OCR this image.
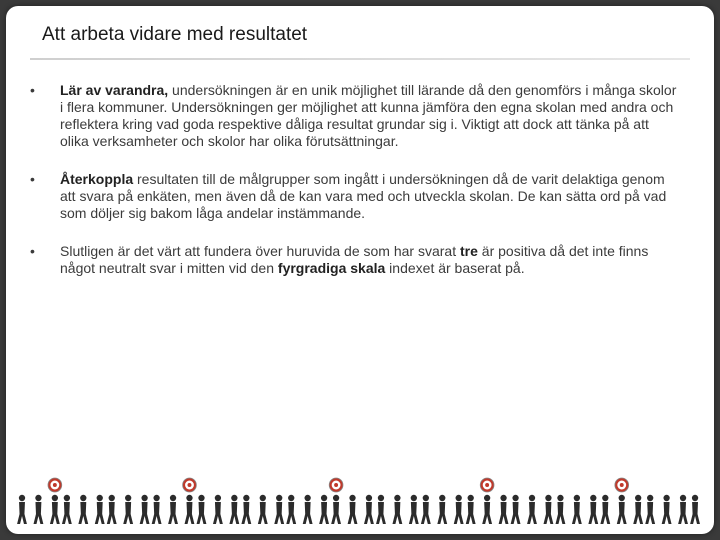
Att arbeta vidare med resultatet
• Lär av varandra, undersökningen är en unik möjlighet till lärande då den genomförs i många skolor i flera kommuner. Undersökningen ger möjlighet att kunna jämföra den egna skolan med andra och reflektera kring vad goda respektive dåliga resultat grundar sig i. Viktigt att dock att tänka på att olika verksamheter och skolor har olika förutsättningar.
• Återkoppla resultaten till de målgrupper som ingått i undersökningen då de varit delaktiga genom att svara på enkäten, men även då de kan vara med och utveckla skolan. De kan sätta ord på vad som döljer sig bakom låga andelar instämmande.
• Slutligen är det värt att fundera över huruvida de som har svarat tre är positiva då det inte finns något neutralt svar i mitten vid den fyrgradiga skala indexet är baserat på.
